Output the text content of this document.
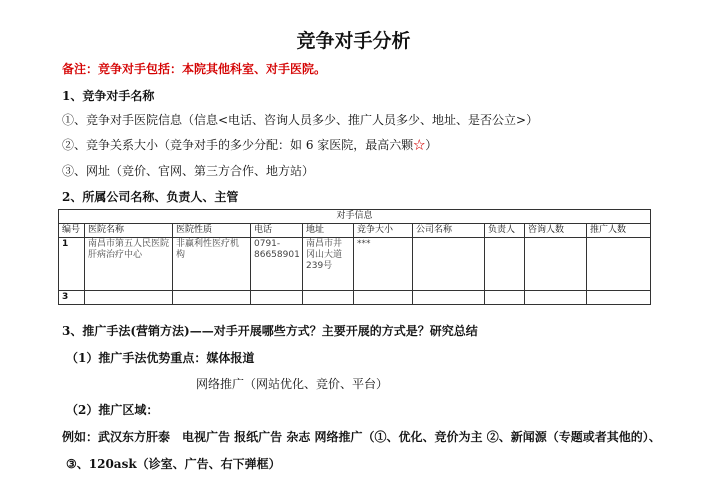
竞争对手分析
备注：竞争对手包括：本院其他科室、对手医院。
1、竞争对手名称
①、竞争对手医院信息（信息<电话、咨询人员多少、推广人员多少、地址、是否公立>）
②、竞争关系大小（竞争对手的多少分配：如 6 家医院，最高六颗☆）
③、网址（竞价、官网、第三方合作、地方站）
2、所属公司名称、负责人、主管
对手信息									
编号	医院名称	医院性质	电话	地址	竞争大小	公司名称	负责人	咨询人数	推广人数
1	南昌市第五人民医院肝病治疗中心	非赢利性医疗机构	0791-86658901	南昌市井冈山大道239号	***				
3									
3、推广手法(营销方法)——对手开展哪些方式？主要开展的方式是？研究总结
（1）推广手法优势重点：媒体报道
网络推广（网站优化、竞价、平台）
（2）推广区域：
例如：武汉东方肝泰　电视广告 报纸广告 杂志 网络推广（①、优化、竞价为主 ②、新闻源（专题或者其他的）、
③、120ask（诊室、广告、右下弹框）
